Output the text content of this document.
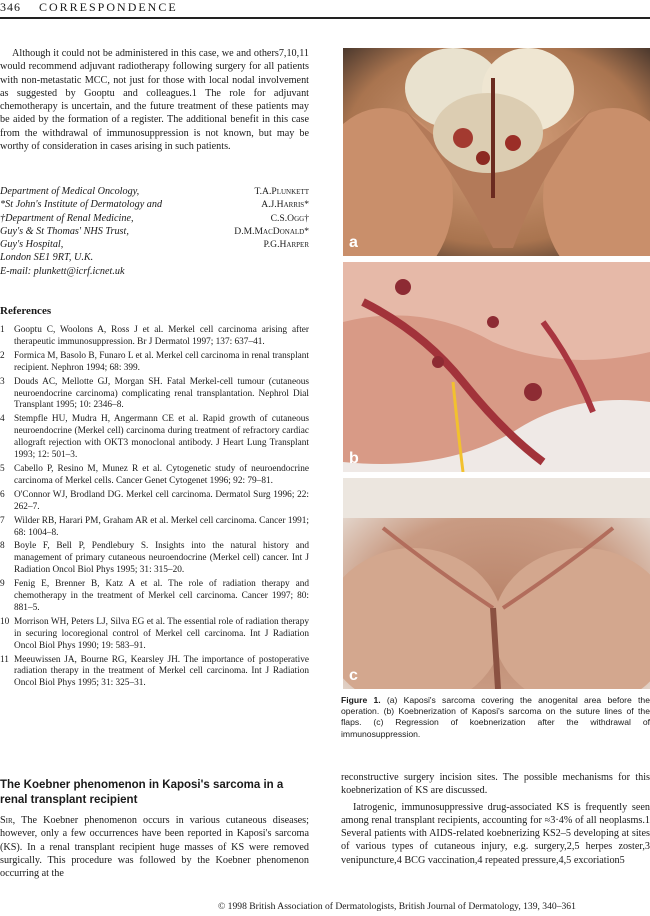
346 CORRESPONDENCE
Although it could not be administered in this case, we and others7,10,11 would recommend adjuvant radiotherapy following surgery for all patients with non-metastatic MCC, not just for those with local nodal involvement as suggested by Gooptu and colleagues.1 The role for adjuvant chemotherapy is uncertain, and the future treatment of these patients may be aided by the formation of a register. The additional benefit in this case from the withdrawal of immunosuppression is not known, but may be worthy of consideration in cases arising in such patients.
Department of Medical Oncology,	T.A.Plunkett
*St John's Institute of Dermatology and	A.J.Harris*
†Department of Renal Medicine,	C.S.Ogg†
Guy's & St Thomas' NHS Trust,	D.M.MacDonald*
Guy's Hospital,	P.G.Harper
London SE1 9RT, U.K.
E-mail: plunkett@icrf.icnet.uk
References
1	Gooptu C, Woolons A, Ross J et al. Merkel cell carcinoma arising after therapeutic immunosuppression. Br J Dermatol 1997; 137: 637–41.
2	Formica M, Basolo B, Funaro L et al. Merkel cell carcinoma in renal transplant recipient. Nephron 1994; 68: 399.
3	Douds AC, Mellotte GJ, Morgan SH. Fatal Merkel-cell tumour (cutaneous neuroendocrine carcinoma) complicating renal transplantation. Nephrol Dial Transplant 1995; 10: 2346–8.
4	Stempfle HU, Mudra H, Angermann CE et al. Rapid growth of cutaneous neuroendocrine (Merkel cell) carcinoma during treatment of refractory cardiac allograft rejection with OKT3 monoclonal antibody. J Heart Lung Transplant 1993; 12: 501–3.
5	Cabello P, Resino M, Munez R et al. Cytogenetic study of neuroendocrine carcinoma of Merkel cells. Cancer Genet Cytogenet 1996; 92: 79–81.
6	O'Connor WJ, Brodland DG. Merkel cell carcinoma. Dermatol Surg 1996; 22: 262–7.
7	Wilder RB, Harari PM, Graham AR et al. Merkel cell carcinoma. Cancer 1991; 68: 1004–8.
8	Boyle F, Bell P, Pendlebury S. Insights into the natural history and management of primary cutaneous neuroendocrine (Merkel cell) cancer. Int J Radiation Oncol Biol Phys 1995; 31: 315–20.
9	Fenig E, Brenner B, Katz A et al. The role of radiation therapy and chemotherapy in the treatment of Merkel cell carcinoma. Cancer 1997; 80: 881–5.
10 Morrison WH, Peters LJ, Silva EG et al. The essential role of radiation therapy in securing locoregional control of Merkel cell carcinoma. Int J Radiation Oncol Biol Phys 1990; 19: 583–91.
11 Meeuwissen JA, Bourne RG, Kearsley JH. The importance of postoperative radiation therapy in the treatment of Merkel cell carcinoma. Int J Radiation Oncol Biol Phys 1995; 31: 325–31.
a
b
c
Figure 1. (a) Kaposi's sarcoma covering the anogenital area before the operation. (b) Koebnerization of Kaposi's sarcoma on the suture lines of the flaps. (c) Regression of koebnerization after the withdrawal of immunosuppression.
The Koebner phenomenon in Kaposi's sarcoma in a renal transplant recipient
Sir, The Koebner phenomenon occurs in various cutaneous diseases; however, only a few occurrences have been reported in Kaposi's sarcoma (KS). In a renal transplant recipient huge masses of KS were removed surgically. This procedure was followed by the Koebner phenomenon occurring at the
reconstructive surgery incision sites. The possible mechanisms for this koebnerization of KS are discussed.
Iatrogenic, immunosuppressive drug-associated KS is frequently seen among renal transplant recipients, accounting for ≈3·4% of all neoplasms.1 Several patients with AIDS-related koebnerizing KS2–5 developing at sites of various types of cutaneous injury, e.g. surgery,2,5 herpes zoster,3 venipuncture,4 BCG vaccination,4 repeated pressure,4,5 excoriation5
© 1998 British Association of Dermatologists, British Journal of Dermatology, 139, 340–361
